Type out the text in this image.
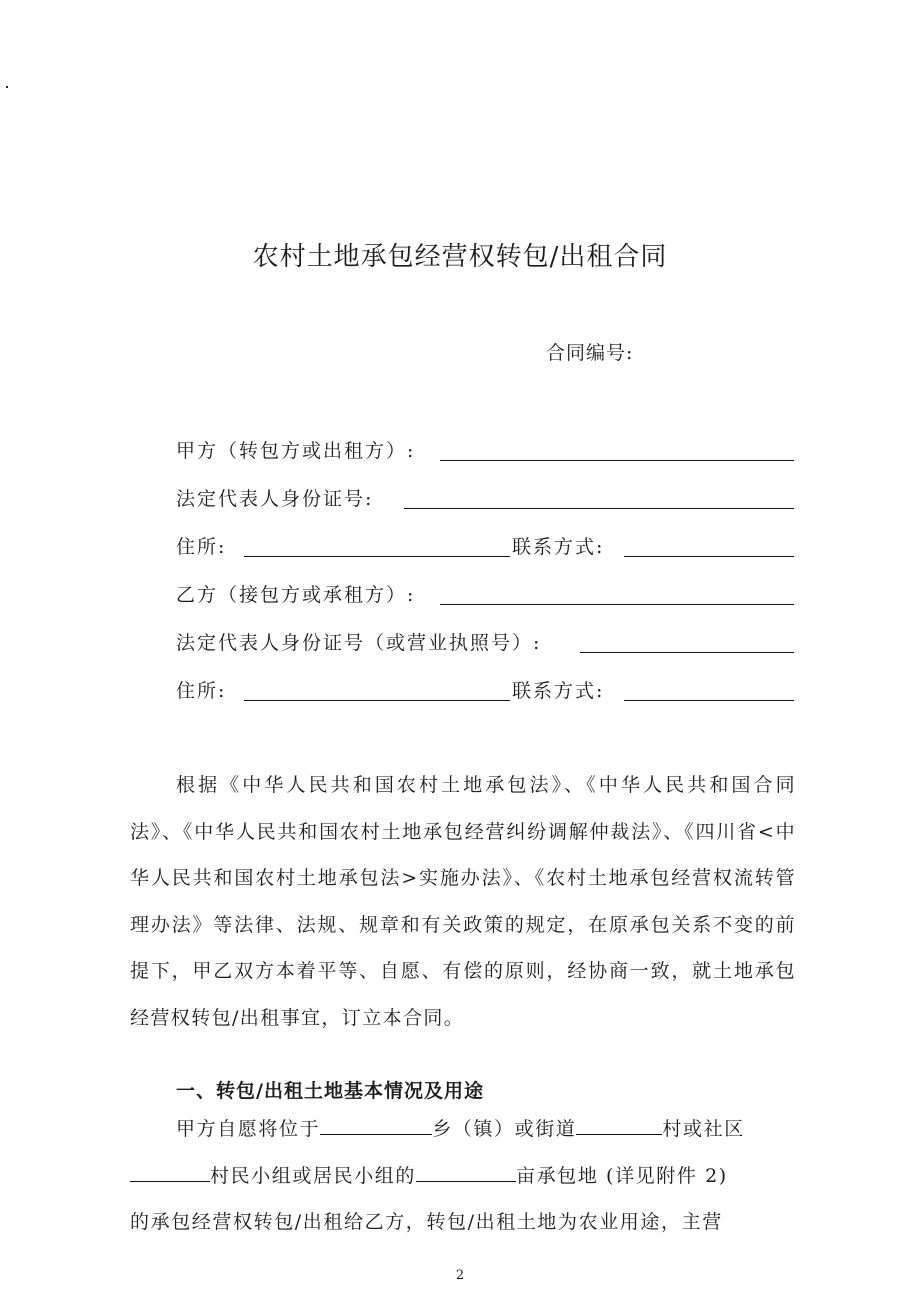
农村土地承包经营权转包/出租合同
合同编号:
甲方（转包方或出租方）:
法定代表人身份证号:
住所:	联系方式:
乙方（接包方或承租方）:
法定代表人身份证号（或营业执照号）:
住所:	联系方式:

根据《中华人民共和国农村土地承包法》、《中华人民共和国合同法》、《中华人民共和国农村土地承包经营纠纷调解仲裁法》、《四川省<中华人民共和国农村土地承包法>实施办法》、《农村土地承包经营权流转管理办法》等法律、法规、规章和有关政策的规定，在原承包关系不变的前提下，甲乙双方本着平等、自愿、有偿的原则，经协商一致，就土地承包经营权转包/出租事宜，订立本合同。

一、转包/出租土地基本情况及用途

甲方自愿将位于	乡（镇）或街道	村或社区村民小组或居民小组的	亩承包地 (详见附件 2)
的承包经营权转包/出租给乙方，转包/出租土地为农业用途，主营

2
